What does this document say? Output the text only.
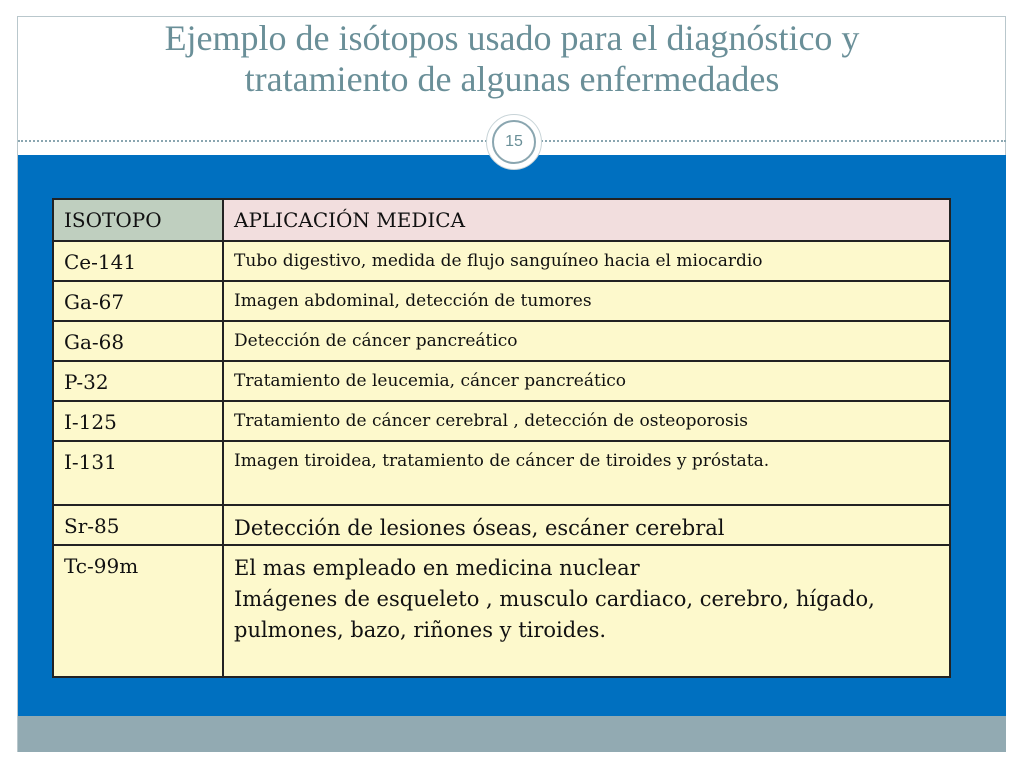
Ejemplo de isótopos usado para el diagnóstico y
tratamiento de algunas enfermedades
15
ISOTOPO	APLICACIÓN MEDICA
Ce-141	Tubo digestivo, medida de flujo sanguíneo hacia el miocardio
Ga-67	Imagen abdominal, detección de tumores
Ga-68	Detección de cáncer pancreático
P-32	Tratamiento de leucemia, cáncer pancreático
I-125	Tratamiento de cáncer cerebral , detección de osteoporosis
I-131	Imagen tiroidea, tratamiento de cáncer de tiroides y próstata.
Sr-85	Detección de lesiones óseas, escáner cerebral
Tc-99m	El mas empleado en medicina nuclear
Imágenes de esqueleto , musculo cardiaco, cerebro, hígado,
pulmones, bazo, riñones y tiroides.
